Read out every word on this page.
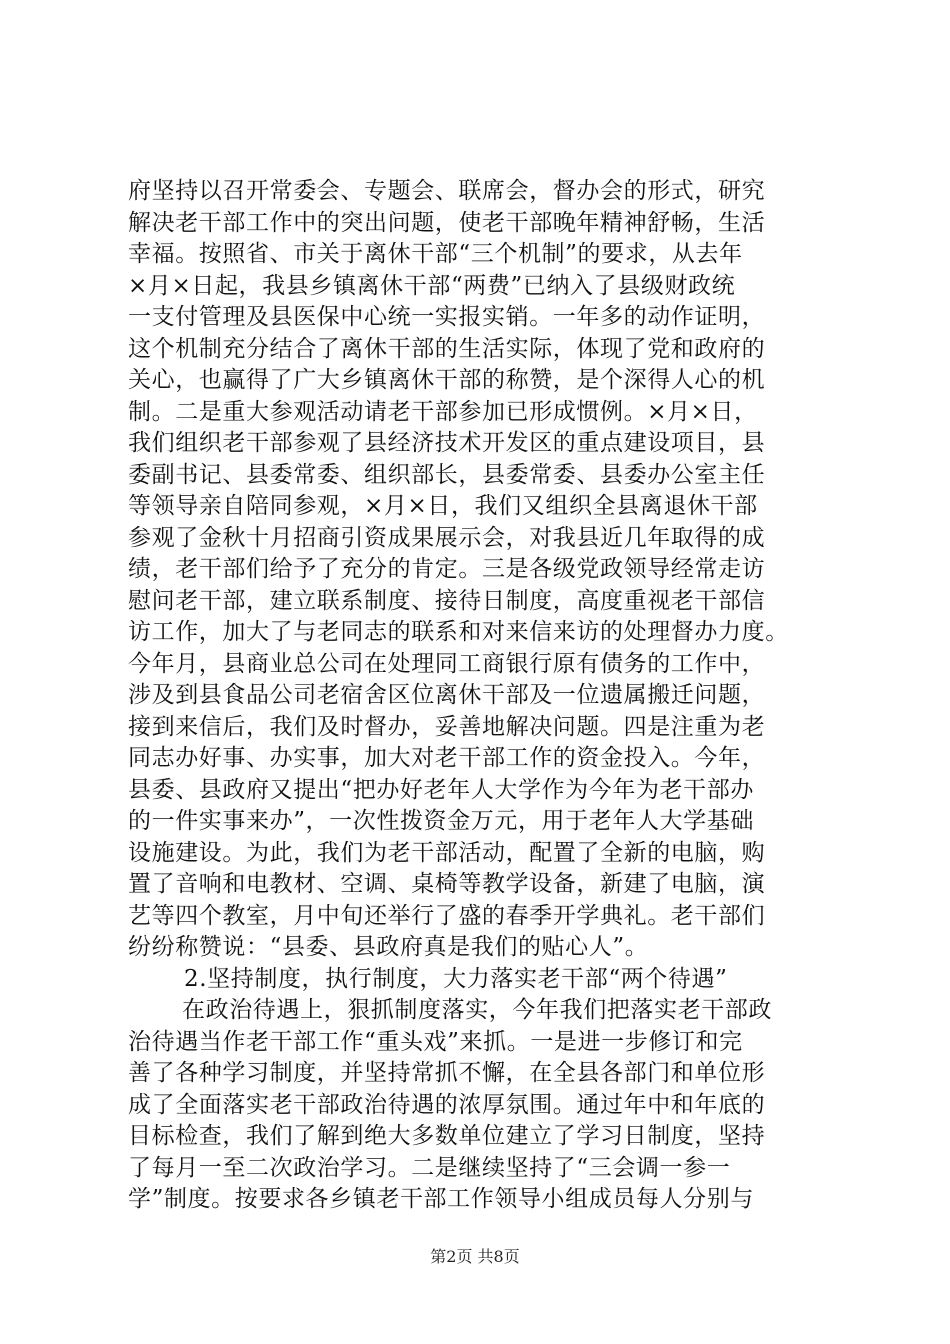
府坚持以召开常委会、专题会、联席会，督办会的形式，研究
解决老干部工作中的突出问题，使老干部晚年精神舒畅，生活
幸福。按照省、市关于离休干部“三个机制”的要求，从去年
×月×日起，我县乡镇离休干部“两费”已纳入了县级财政统
一支付管理及县医保中心统一实报实销。一年多的动作证明，
这个机制充分结合了离休干部的生活实际，体现了党和政府的
关心，也赢得了广大乡镇离休干部的称赞，是个深得人心的机
制。二是重大参观活动请老干部参加已形成惯例。×月×日，
我们组织老干部参观了县经济技术开发区的重点建设项目，县
委副书记、县委常委、组织部长，县委常委、县委办公室主任
等领导亲自陪同参观，×月×日，我们又组织全县离退休干部
参观了金秋十月招商引资成果展示会，对我县近几年取得的成
绩，老干部们给予了充分的肯定。三是各级党政领导经常走访
慰问老干部，建立联系制度、接待日制度，高度重视老干部信
访工作，加大了与老同志的联系和对来信来访的处理督办力度。
今年月，县商业总公司在处理同工商银行原有债务的工作中，
涉及到县食品公司老宿舍区位离休干部及一位遗属搬迁问题，
接到来信后，我们及时督办，妥善地解决问题。四是注重为老
同志办好事、办实事，加大对老干部工作的资金投入。今年，
县委、县政府又提出“把办好老年人大学作为今年为老干部办
的一件实事来办”，一次性拨资金万元，用于老年人大学基础
设施建设。为此，我们为老干部活动，配置了全新的电脑，购
置了音响和电教材、空调、桌椅等教学设备，新建了电脑，演
艺等四个教室，月中旬还举行了盛的春季开学典礼。老干部们
纷纷称赞说：“县委、县政府真是我们的贴心人”。
2.坚持制度，执行制度，大力落实老干部“两个待遇”
在政治待遇上，狠抓制度落实，今年我们把落实老干部政
治待遇当作老干部工作“重头戏”来抓。一是进一步修订和完
善了各种学习制度，并坚持常抓不懈，在全县各部门和单位形
成了全面落实老干部政治待遇的浓厚氛围。通过年中和年底的
目标检查，我们了解到绝大多数单位建立了学习日制度，坚持
了每月一至二次政治学习。二是继续坚持了“三会调一参一
学”制度。按要求各乡镇老干部工作领导小组成员每人分别与
第2页 共8页
